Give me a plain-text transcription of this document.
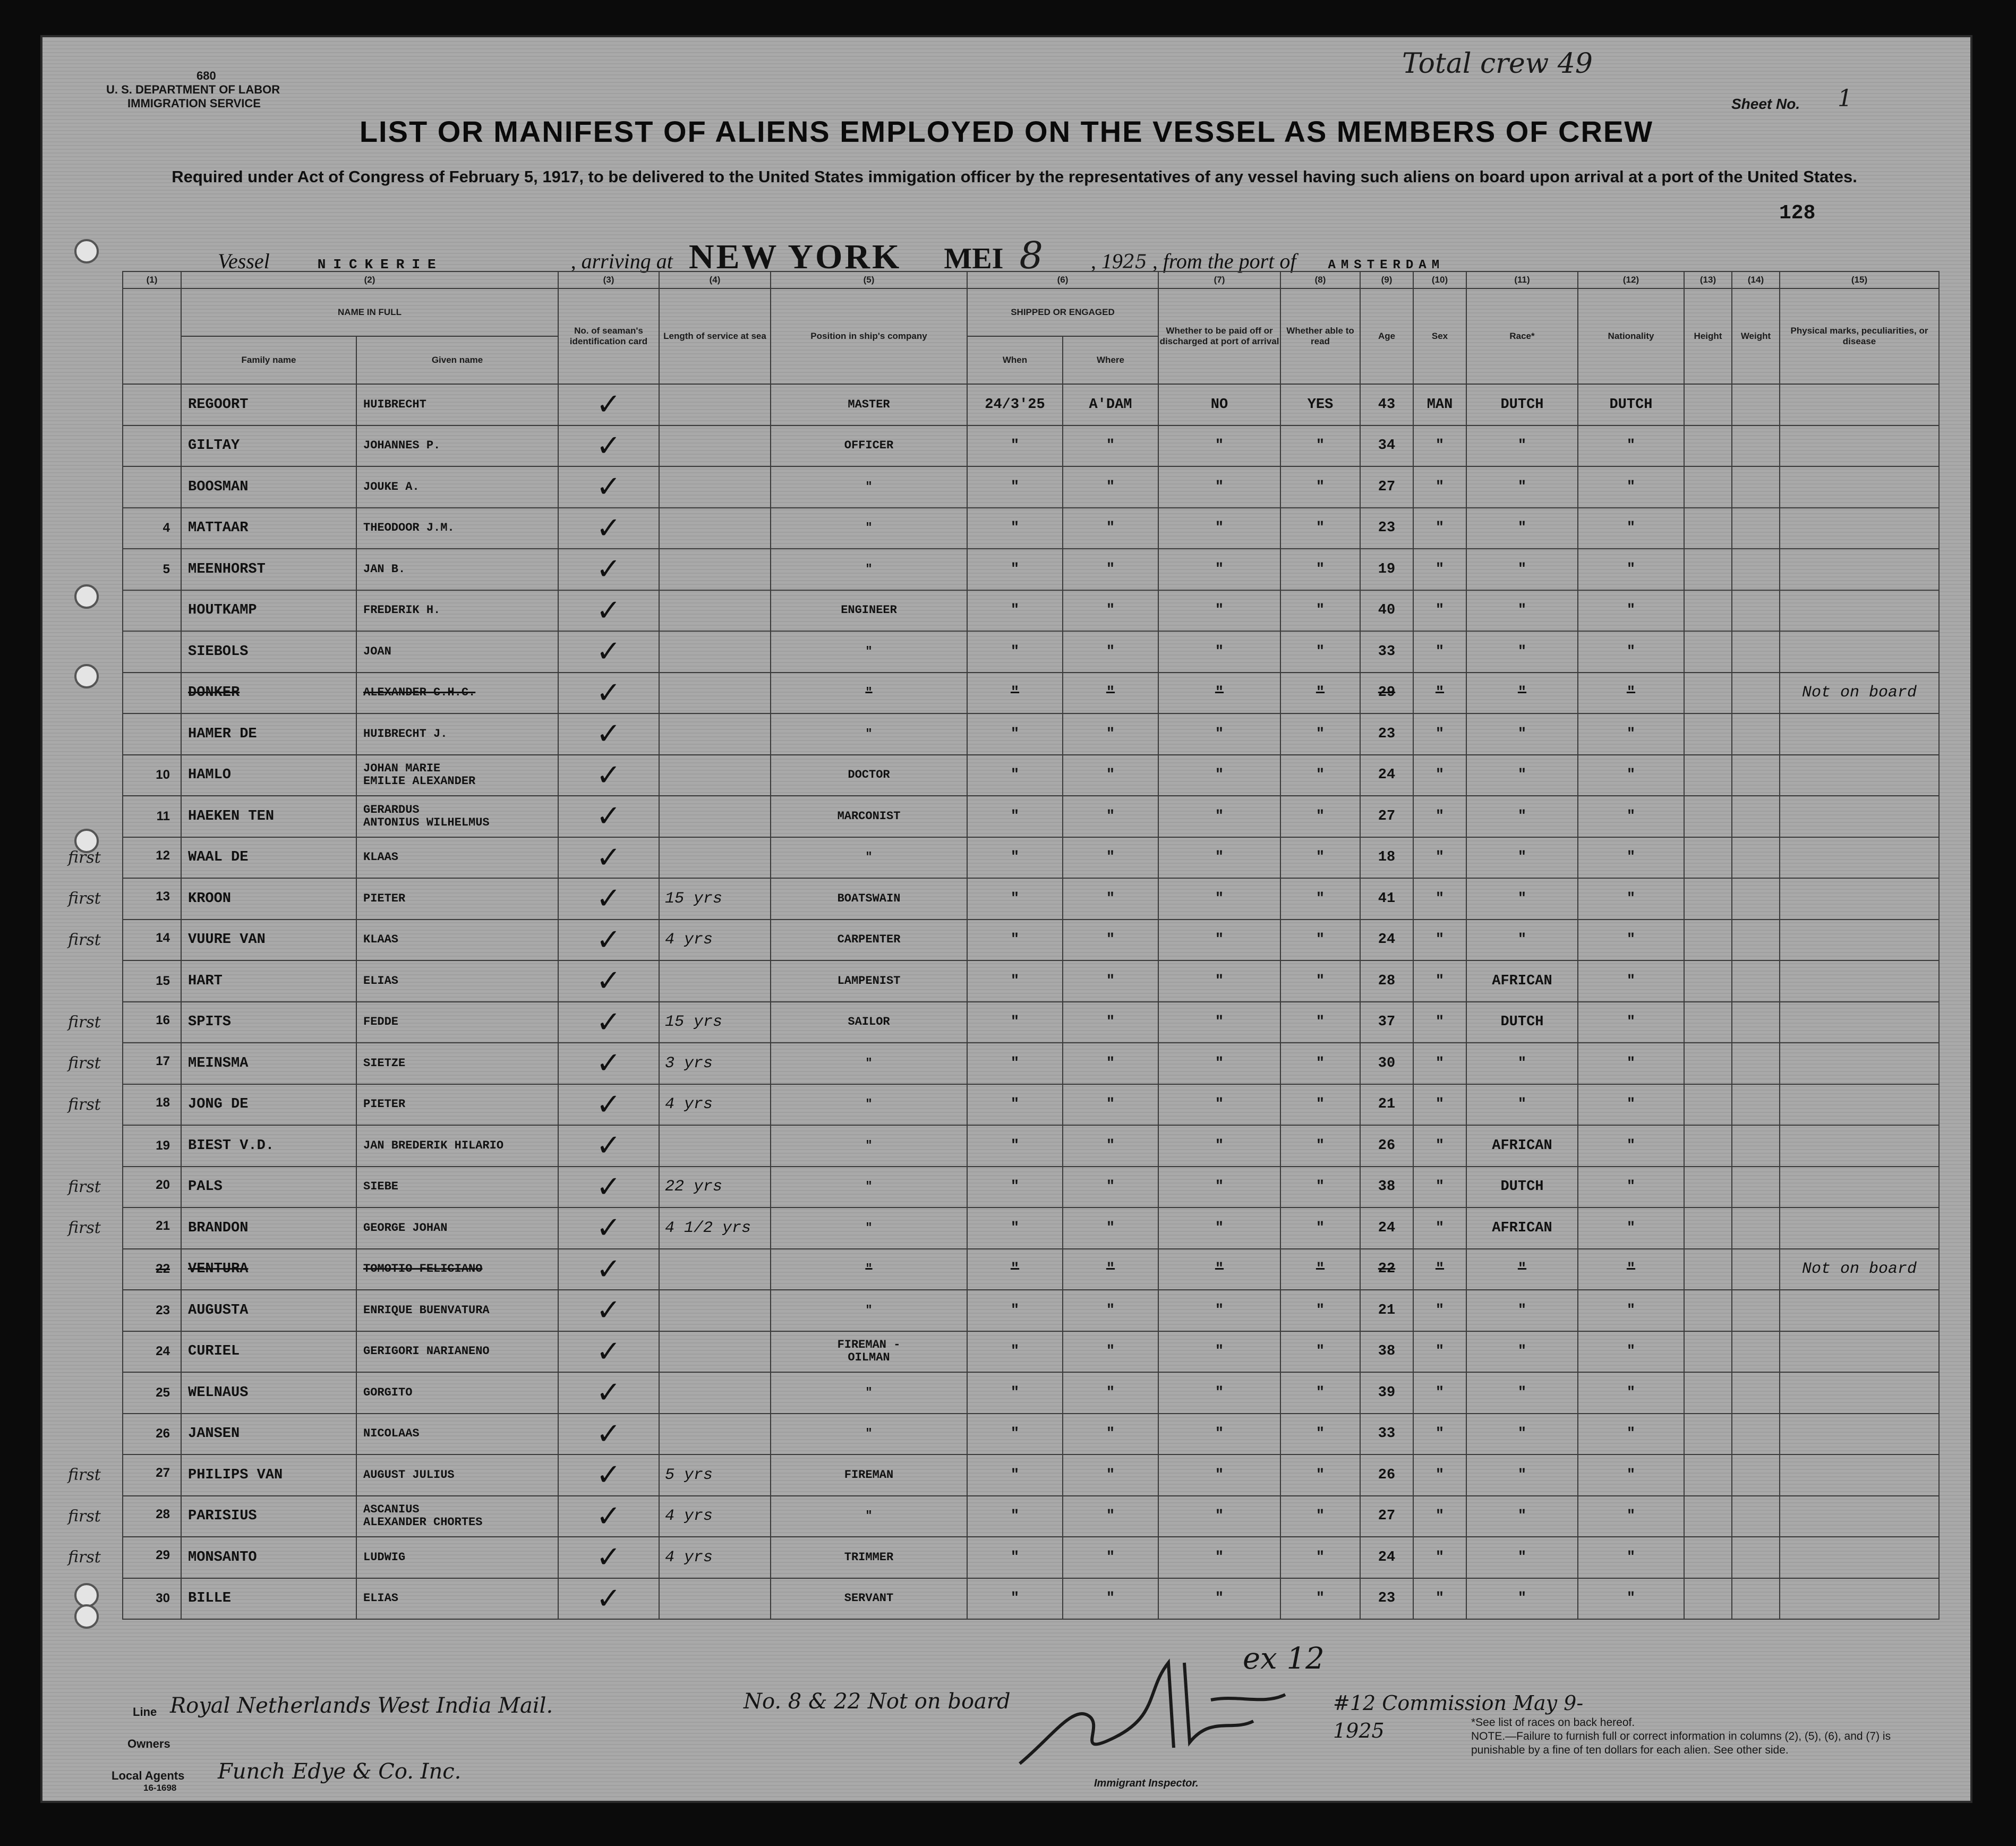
680
U. S. DEPARTMENT OF LABOR
IMMIGRATION SERVICE
Total crew 49
Sheet No. 1
LIST OR MANIFEST OF ALIENS EMPLOYED ON THE VESSEL AS MEMBERS OF CREW
Required under Act of Congress of February 5, 1917, to be delivered to the United States immigation officer by the representatives of any vessel having such aliens on board upon arrival at a port of the United States.
128
Vessel	NICKERIE	, arriving at NEW YORK MEI 8 , 1925 , from the port of	AMSTERDAM
(1)	(2)		(3)	(4)	(5)	(6)		(7)	(8)	(9)	(10)	(11)	(12)	(13)	(14)	(15)
	NAME IN FULL		No. of seaman's identification card	Length of service at sea	Position in ship's company	SHIPPED OR ENGAGED		Whether to be paid off or discharged at port of arrival	Whether able to read	Age	Sex	Race*	Nationality	Height	Weight	Physical marks, peculiarities, or disease
	Family name	Given name				When	Where									

	REGOORT	HUIBRECHT	✓		MASTER	24/3'25	A'DAM	NO	YES	43	MAN	DUTCH	DUTCH			

	GILTAY	JOHANNES P.	✓		OFFICER	"	"	"	"	34	"	"	"			

	BOOSMAN	JOUKE A.	✓		"	"	"	"	"	27	"	"	"			

4	MATTAAR	THEODOOR J.M.	✓		"	"	"	"	"	23	"	"	"			

5	MEENHORST	JAN B.	✓		"	"	"	"	"	19	"	"	"			

	HOUTKAMP	FREDERIK H.	✓		ENGINEER	"	"	"	"	40	"	"	"			

	SIEBOLS	JOAN	✓		"	"	"	"	"	33	"	"	"			

	DONKER	ALEXANDER C.H.C.	✓		"	"	"	"	"	29	"	"	"			Not on board

	HAMER DE	HUIBRECHT J.	✓		"	"	"	"	"	23	"	"	"			

10	HAMLO	JOHAN MARIE
EMILIE ALEXANDER	✓		DOCTOR	"	"	"	"	24	"	"	"			

11	HAEKEN TEN	GERARDUS
ANTONIUS WILHELMUS	✓		MARCONIST	"	"	"	"	27	"	"	"			

first 12	WAAL DE	KLAAS	✓		"	"	"	"	"	18	"	"	"			

first 13	KROON	PIETER	✓	15 yrs	BOATSWAIN	"	"	"	"	41	"	"	"			

first 14	VUURE VAN	KLAAS	✓	4 yrs	CARPENTER	"	"	"	"	24	"	"	"			

15	HART	ELIAS	✓		LAMPENIST	"	"	"	"	28	"	AFRICAN	"			

first 16	SPITS	FEDDE	✓	15 yrs	SAILOR	"	"	"	"	37	"	DUTCH	"			

first 17	MEINSMA	SIETZE	✓	3 yrs	"	"	"	"	"	30	"	"	"			

first 18	JONG DE	PIETER	✓	4 yrs	"	"	"	"	"	21	"	"	"			

19	BIEST V.D.	JAN BREDERIK HILARIO	✓		"	"	"	"	"	26	"	AFRICAN	"			

first 20	PALS	SIEBE	✓	22 yrs	"	"	"	"	"	38	"	DUTCH	"			

first 21	BRANDON	GEORGE JOHAN	✓	4 1/2 yrs	"	"	"	"	"	24	"	AFRICAN	"			

22	VENTURA	TOMOTIO FELICIANO	✓		"	"	"	"	"	22	"	"	"			Not on board

23	AUGUSTA	ENRIQUE BUENVATURA	✓		"	"	"	"	"	21	"	"	"			

24	CURIEL	GERIGORI NARIANENO	✓		FIREMAN -
OILMAN	"	"	"	"	38	"	"	"			

25	WELNAUS	GORGITO	✓		"	"	"	"	"	39	"	"	"			

26	JANSEN	NICOLAAS	✓		"	"	"	"	"	33	"	"	"			

first 27	PHILIPS VAN	AUGUST JULIUS	✓	5 yrs	FIREMAN	"	"	"	"	26	"	"	"			

first 28	PARISIUS	ASCANIUS
ALEXANDER CHORTES	✓	4 yrs	"	"	"	"	"	27	"	"	"			

first 29	MONSANTO	LUDWIG	✓	4 yrs	TRIMMER	"	"	"	"	24	"	"	"			

30	BILLE	ELIAS	✓		SERVANT	"	"	"	"	23	"	"	"			
Line Royal Netherlands West India Mail.
Owners
Local Agents Funch Edye & Co. Inc.
16-1698
ex 12
No. 8 & 22 Not on board	#12 Commission May 9-1925
Immigrant Inspector.
*See list of races on back hereof.
NOTE.—Failure to furnish full or correct information in columns (2), (5), (6), and (7) is punishable by a fine of ten dollars for each alien. See other side.
